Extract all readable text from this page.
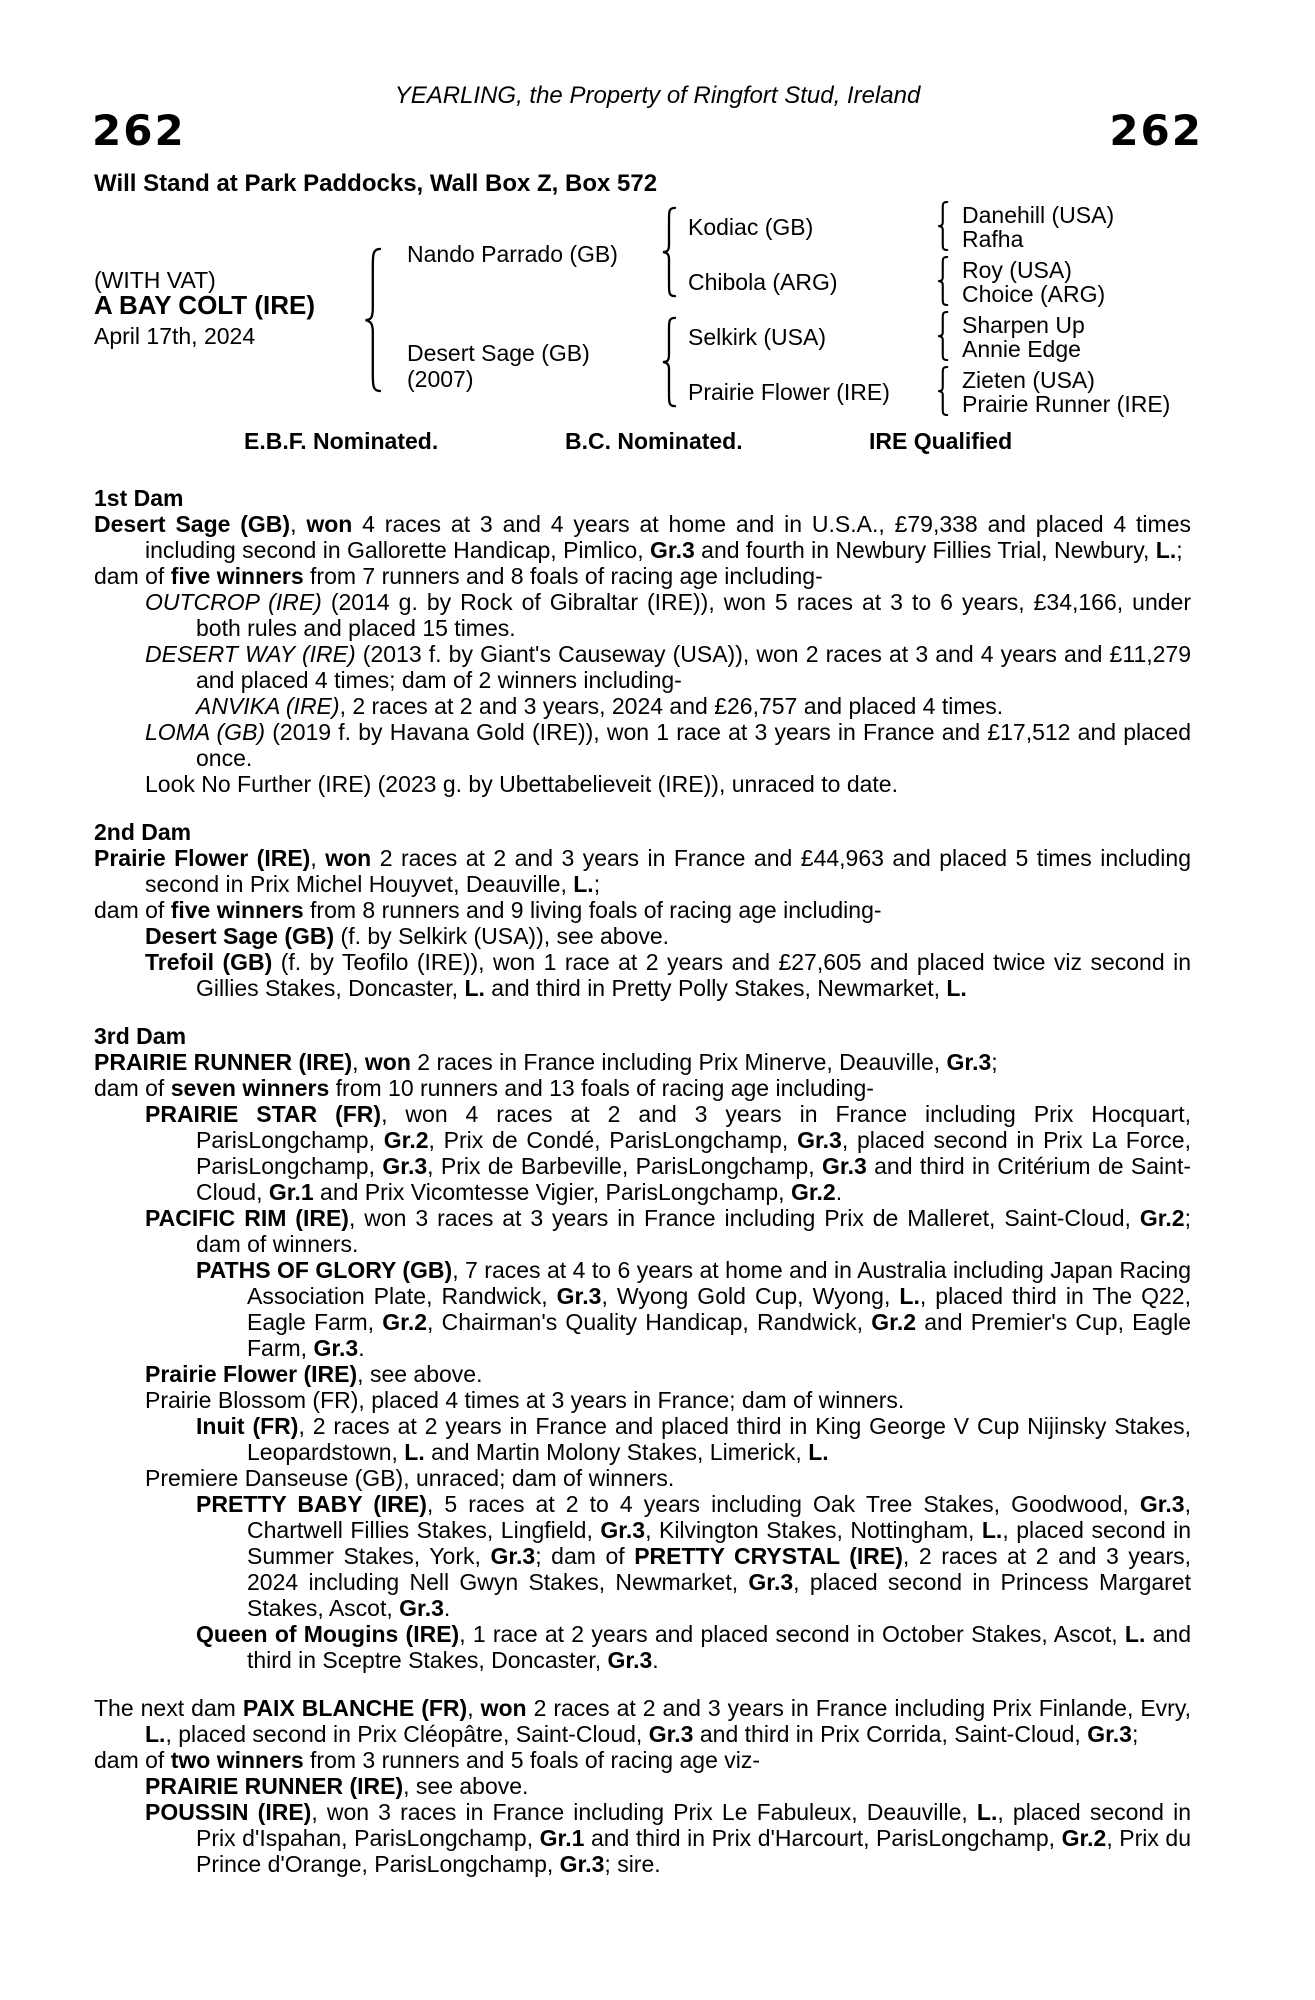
YEARLING, the Property of Ringfort Stud, Ireland
262	262
Will Stand at Park Paddocks, Wall Box Z, Box 572
(WITH VAT)
A BAY COLT (IRE)
April 17th, 2024
Nando Parrado (GB)
Desert Sage (GB)
(2007)
Kodiac (GB)
Chibola (ARG)
Selkirk (USA)
Prairie Flower (IRE)
Danehill (USA)
Rafha
Roy (USA)
Choice (ARG)
Sharpen Up
Annie Edge
Zieten (USA)
Prairie Runner (IRE)
E.B.F. Nominated.	B.C. Nominated.	IRE Qualified
1st Dam
Desert Sage (GB), won 4 races at 3 and 4 years at home and in U.S.A., £79,338 and placed 4 times including second in Gallorette Handicap, Pimlico, Gr.3 and fourth in Newbury Fillies Trial, Newbury, L.;
dam of five winners from 7 runners and 8 foals of racing age including-
OUTCROP (IRE) (2014 g. by Rock of Gibraltar (IRE)), won 5 races at 3 to 6 years, £34,166, under both rules and placed 15 times.
DESERT WAY (IRE) (2013 f. by Giant's Causeway (USA)), won 2 races at 3 and 4 years and £11,279 and placed 4 times; dam of 2 winners including-
ANVIKA (IRE), 2 races at 2 and 3 years, 2024 and £26,757 and placed 4 times.
LOMA (GB) (2019 f. by Havana Gold (IRE)), won 1 race at 3 years in France and £17,512 and placed once.
Look No Further (IRE) (2023 g. by Ubettabelieveit (IRE)), unraced to date.
2nd Dam
Prairie Flower (IRE), won 2 races at 2 and 3 years in France and £44,963 and placed 5 times including second in Prix Michel Houyvet, Deauville, L.;
dam of five winners from 8 runners and 9 living foals of racing age including-
Desert Sage (GB) (f. by Selkirk (USA)), see above.
Trefoil (GB) (f. by Teofilo (IRE)), won 1 race at 2 years and £27,605 and placed twice viz second in Gillies Stakes, Doncaster, L. and third in Pretty Polly Stakes, Newmarket, L.
3rd Dam
PRAIRIE RUNNER (IRE), won 2 races in France including Prix Minerve, Deauville, Gr.3;
dam of seven winners from 10 runners and 13 foals of racing age including-
PRAIRIE STAR (FR), won 4 races at 2 and 3 years in France including Prix Hocquart, ParisLongchamp, Gr.2, Prix de Condé, ParisLongchamp, Gr.3, placed second in Prix La Force, ParisLongchamp, Gr.3, Prix de Barbeville, ParisLongchamp, Gr.3 and third in Critérium de Saint-Cloud, Gr.1 and Prix Vicomtesse Vigier, ParisLongchamp, Gr.2.
PACIFIC RIM (IRE), won 3 races at 3 years in France including Prix de Malleret, Saint-Cloud, Gr.2; dam of winners.
PATHS OF GLORY (GB), 7 races at 4 to 6 years at home and in Australia including Japan Racing Association Plate, Randwick, Gr.3, Wyong Gold Cup, Wyong, L., placed third in The Q22, Eagle Farm, Gr.2, Chairman's Quality Handicap, Randwick, Gr.2 and Premier's Cup, Eagle Farm, Gr.3.
Prairie Flower (IRE), see above.
Prairie Blossom (FR), placed 4 times at 3 years in France; dam of winners.
Inuit (FR), 2 races at 2 years in France and placed third in King George V Cup Nijinsky Stakes, Leopardstown, L. and Martin Molony Stakes, Limerick, L.
Premiere Danseuse (GB), unraced; dam of winners.
PRETTY BABY (IRE), 5 races at 2 to 4 years including Oak Tree Stakes, Goodwood, Gr.3, Chartwell Fillies Stakes, Lingfield, Gr.3, Kilvington Stakes, Nottingham, L., placed second in Summer Stakes, York, Gr.3; dam of PRETTY CRYSTAL (IRE), 2 races at 2 and 3 years, 2024 including Nell Gwyn Stakes, Newmarket, Gr.3, placed second in Princess Margaret Stakes, Ascot, Gr.3.
Queen of Mougins (IRE), 1 race at 2 years and placed second in October Stakes, Ascot, L. and third in Sceptre Stakes, Doncaster, Gr.3.
The next dam PAIX BLANCHE (FR), won 2 races at 2 and 3 years in France including Prix Finlande, Evry, L., placed second in Prix Cléopâtre, Saint-Cloud, Gr.3 and third in Prix Corrida, Saint-Cloud, Gr.3;
dam of two winners from 3 runners and 5 foals of racing age viz-
PRAIRIE RUNNER (IRE), see above.
POUSSIN (IRE), won 3 races in France including Prix Le Fabuleux, Deauville, L., placed second in Prix d'Ispahan, ParisLongchamp, Gr.1 and third in Prix d'Harcourt, ParisLongchamp, Gr.2, Prix du Prince d'Orange, ParisLongchamp, Gr.3; sire.
